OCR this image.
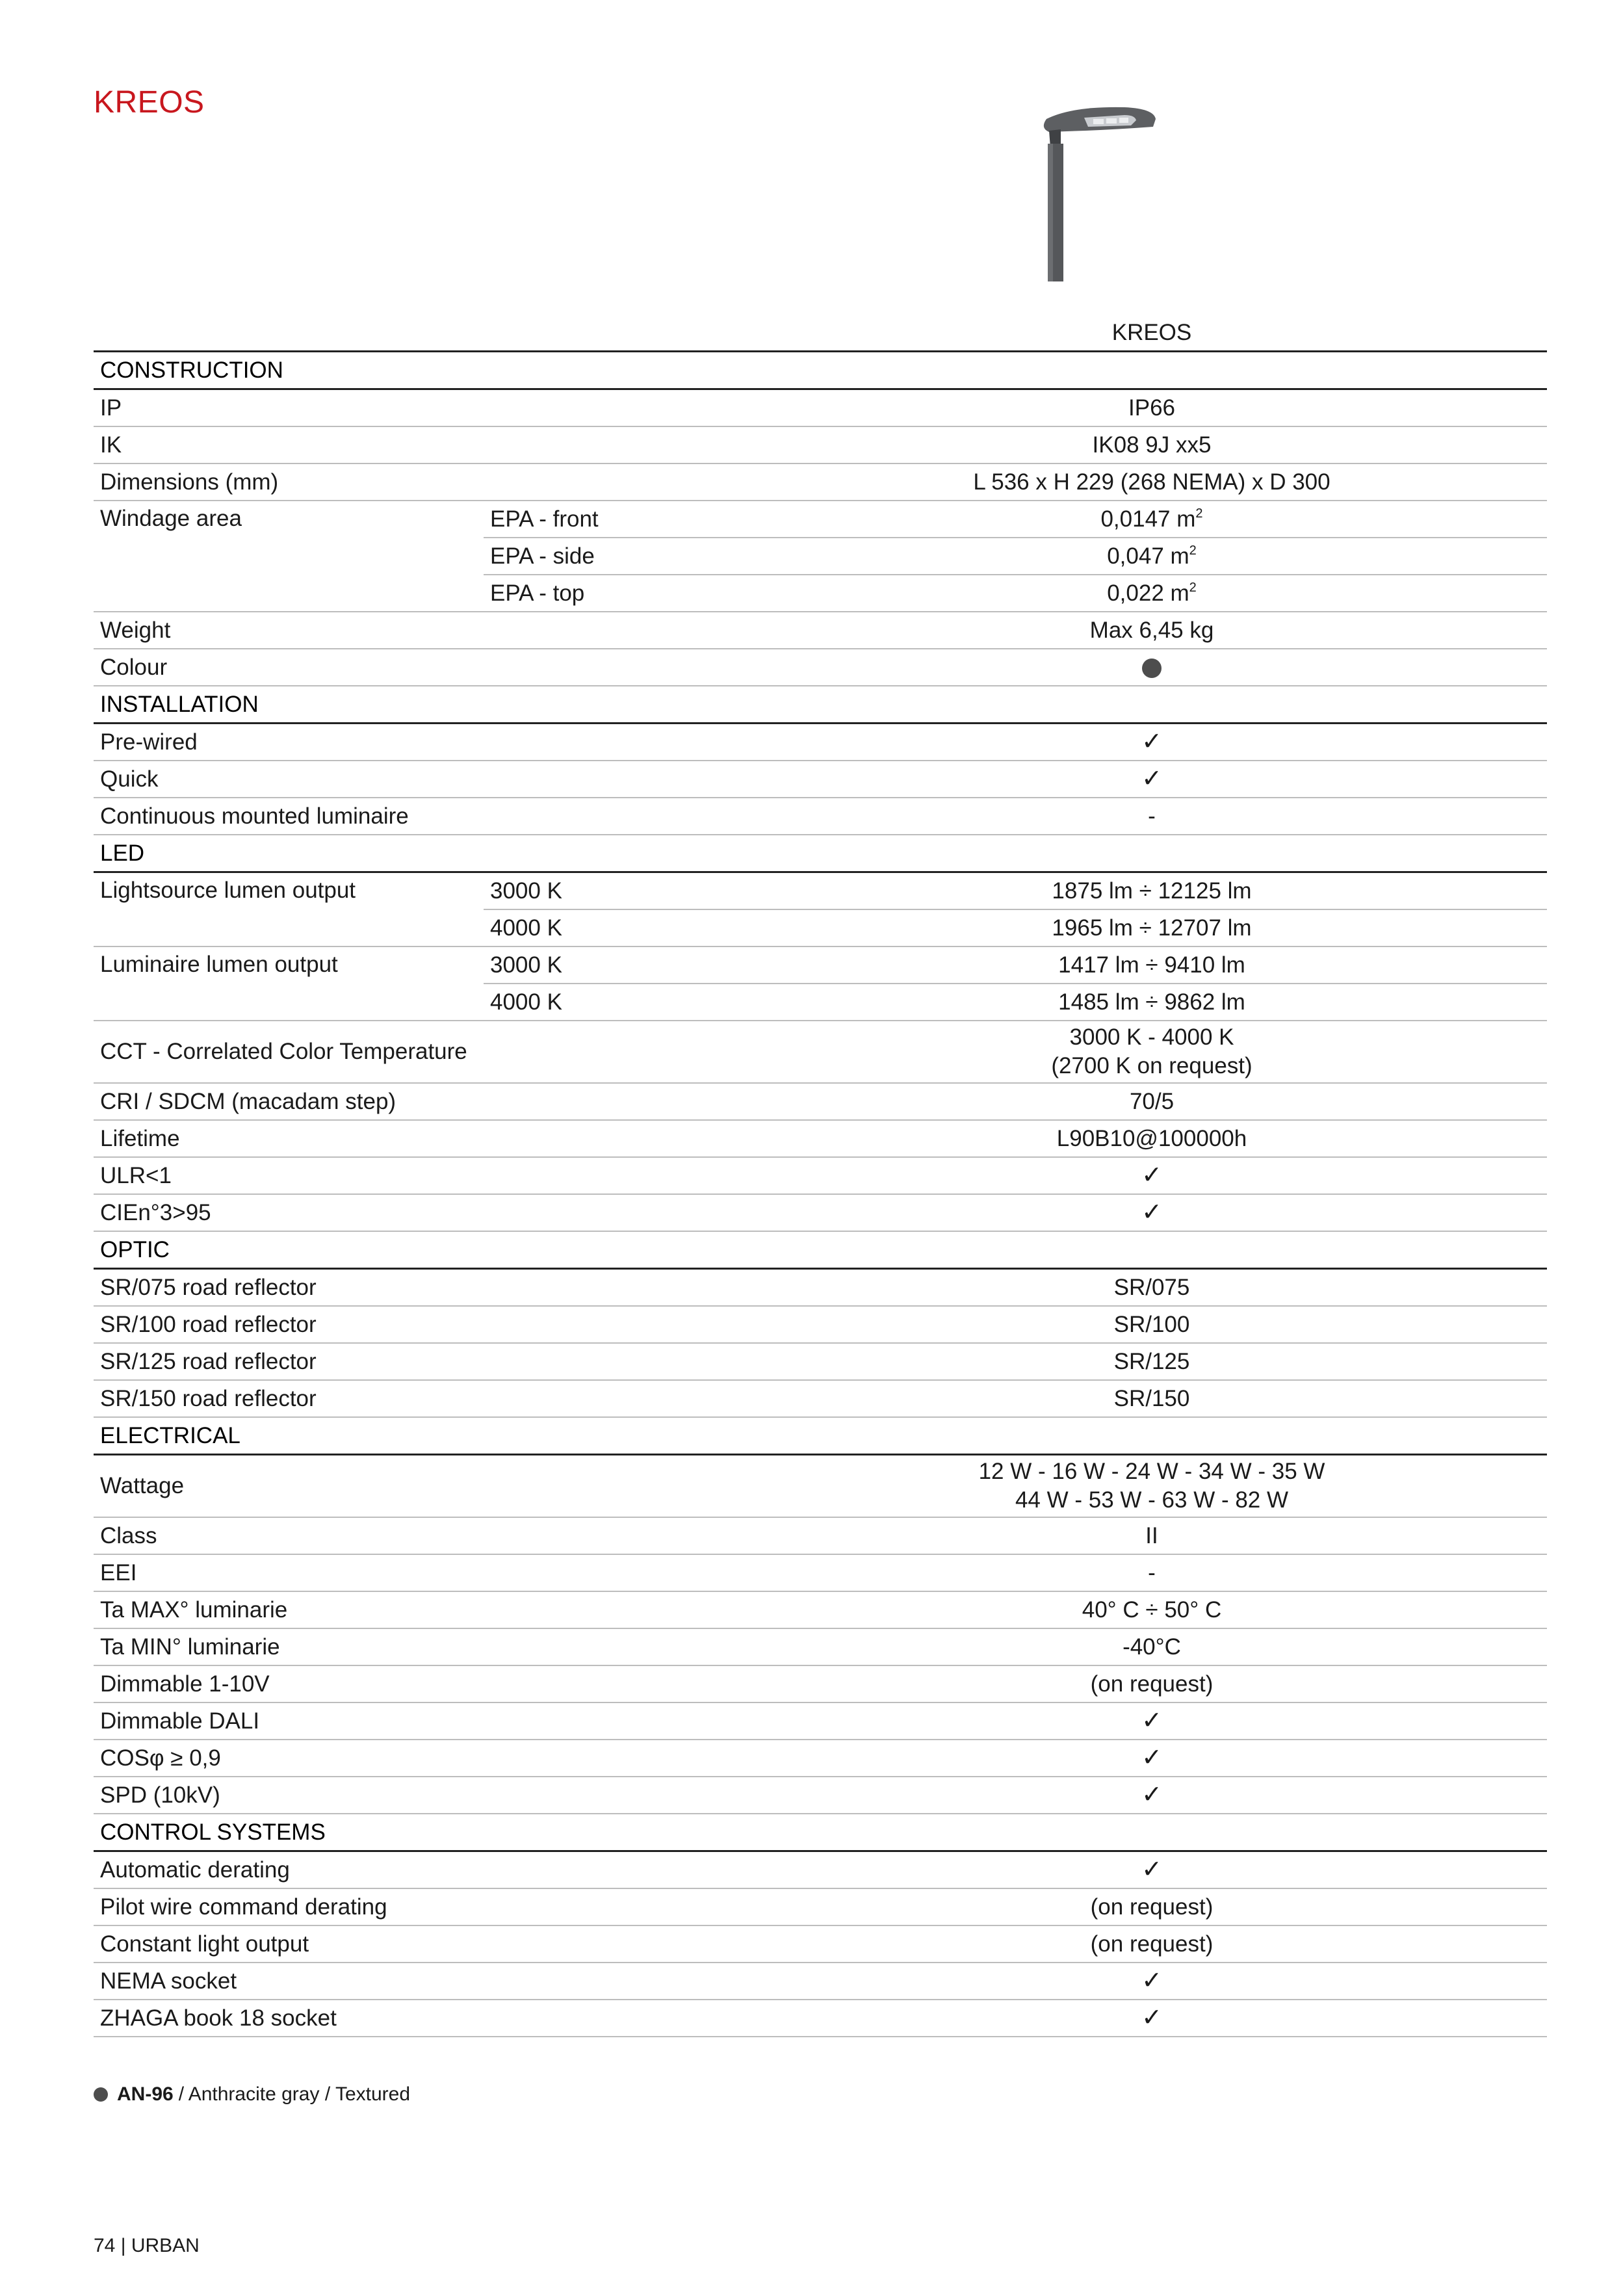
KREOS
		KREOS
CONSTRUCTION		
IP		IP66
IK		IK08 9J xx5
Dimensions (mm)		L 536 x H 229 (268 NEMA) x D 300
Windage area	EPA - front	0,0147 $m^2$
	EPA - side	0,047 $m^2$
	EPA - top	0,022 $m^2$
Weight		Max 6,45 kg
Colour		
INSTALLATION		
Pre-wired		✓
Quick		✓
Continuous mounted luminaire		-
LED		
Lightsource lumen output	3000 K	1875 lm ÷ 12125 lm
	4000 K	1965 lm ÷ 12707 lm
Luminaire lumen output	3000 K	1417 lm ÷ 9410 lm
	4000 K	1485 lm ÷ 9862 lm
CCT - Correlated Color Temperature		3000 K - 4000 K
(2700 K on request)
CRI / SDCM (macadam step)		70/5
Lifetime		L90B10@100000h
ULR<1		✓
CIEn°3>95		✓
OPTIC		
SR/075 road reflector		SR/075
SR/100 road reflector		SR/100
SR/125 road reflector		SR/125
SR/150 road reflector		SR/150
ELECTRICAL		
Wattage		12 W - 16 W - 24 W - 34 W - 35 W
44 W - 53 W - 63 W - 82 W
Class		II
EEI		-
Ta MAX° luminarie		40° C ÷ 50° C
Ta MIN° luminarie		-40°C
Dimmable 1-10V		(on request)
Dimmable DALI		✓
COSφ ≥ 0,9		✓
SPD (10kV)		✓
CONTROL SYSTEMS		
Automatic derating		✓
Pilot wire command derating		(on request)
Constant light output		(on request)
NEMA socket		✓
ZHAGA book 18 socket		✓
AN-96 / Anthracite gray / Textured
74 | URBAN
